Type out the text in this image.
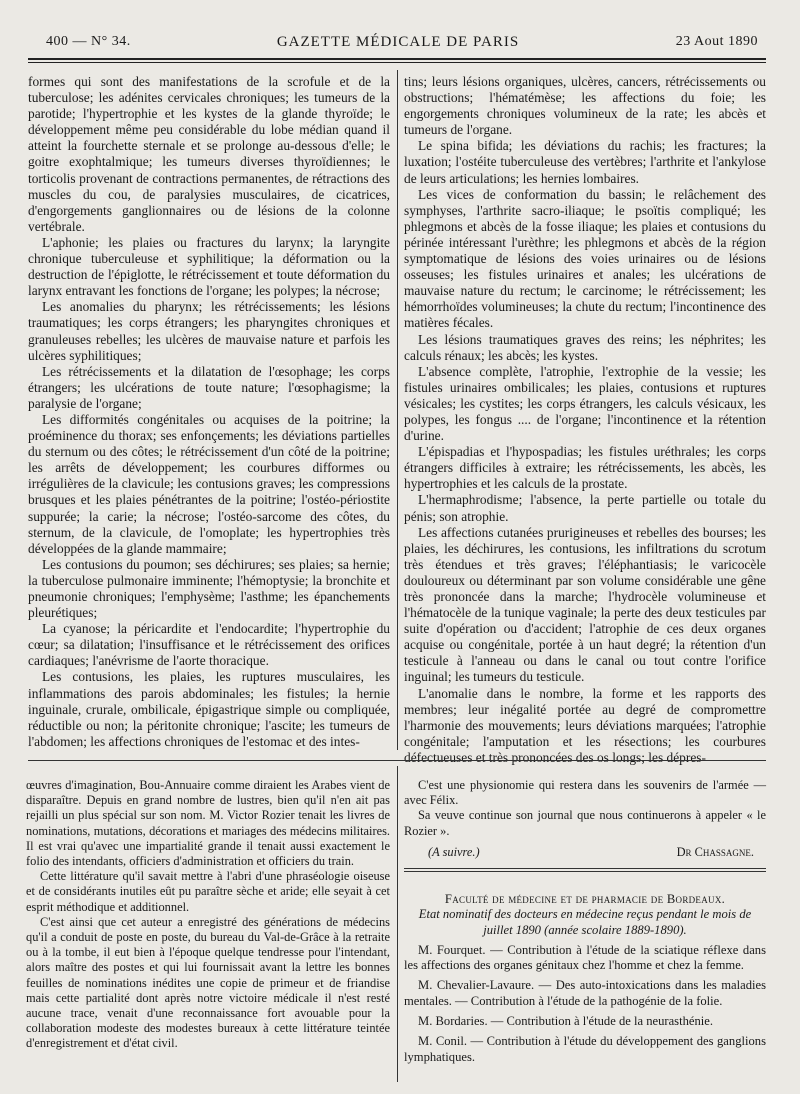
400 — N° 34.	GAZETTE MÉDICALE DE PARIS	23 Aout 1890

formes qui sont des manifestations de la scrofule et de la tuberculose; les adénites cervicales chroniques; les tumeurs de la parotide; l'hypertrophie et les kystes de la glande thyroïde; le développement même peu considérable du lobe médian quand il atteint la fourchette sternale et se prolonge au-dessous d'elle; le goitre exophtalmique; les tumeurs diverses thyroïdiennes; le torticolis provenant de contractions permanentes, de rétractions des muscles du cou, de paralysies musculaires, de cicatrices, d'engorgements ganglionnaires ou de lésions de la colonne vertébrale.

L'aphonie; les plaies ou fractures du larynx; la laryngite chronique tuberculeuse et syphilitique; la déformation ou la destruction de l'épiglotte, le rétrécissement et toute déformation du larynx entravant les fonctions de l'organe; les polypes; la nécrose;

Les anomalies du pharynx; les rétrécissements; les lésions traumatiques; les corps étrangers; les pharyngites chroniques et granuleuses rebelles; les ulcères de mauvaise nature et parfois les ulcères syphilitiques;

Les rétrécissements et la dilatation de l'œsophage; les corps étrangers; les ulcérations de toute nature; l'œsophagisme; la paralysie de l'organe;

Les difformités congénitales ou acquises de la poitrine; la proéminence du thorax; ses enfonçements; les déviations partielles du sternum ou des côtes; le rétrécissement d'un côté de la poitrine; les arrêts de développement; les courbures difformes ou irrégulières de la clavicule; les contusions graves; les compressions brusques et les plaies pénétrantes de la poitrine; l'ostéo-périostite suppurée; la carie; la nécrose; l'ostéo-sarcome des côtes, du sternum, de la clavicule, de l'omoplate; les hypertrophies très développées de la glande mammaire;

Les contusions du poumon; ses déchirures; ses plaies; sa hernie; la tuberculose pulmonaire imminente; l'hémoptysie; la bronchite et pneumonie chroniques; l'emphysème; l'asthme; les épanchements pleurétiques;

La cyanose; la péricardite et l'endocardite; l'hypertrophie du cœur; sa dilatation; l'insuffisance et le rétrécissement des orifices cardiaques; l'anévrisme de l'aorte thoracique.

Les contusions, les plaies, les ruptures musculaires, les inflammations des parois abdominales; les fistules; la hernie inguinale, crurale, ombilicale, épigastrique simple ou compliquée, réductible ou non; la péritonite chronique; l'ascite; les tumeurs de l'abdomen; les affections chroniques de l'estomac et des intes-

tins; leurs lésions organiques, ulcères, cancers, rétrécissements ou obstructions; l'hématémèse; les affections du foie; les engorgements chroniques volumineux de la rate; les abcès et tumeurs de l'organe.

Le spina bifida; les déviations du rachis; les fractures; la luxation; l'ostéite tuberculeuse des vertèbres; l'arthrite et l'ankylose de leurs articulations; les hernies lombaires.

Les vices de conformation du bassin; le relâchement des symphyses, l'arthrite sacro-iliaque; le psoïtis compliqué; les phlegmons et abcès de la fosse iliaque; les plaies et contusions du périnée intéressant l'urèthre; les phlegmons et abcès de la région symptomatique de lésions des voies urinaires ou de lésions osseuses; les fistules urinaires et anales; les ulcérations de mauvaise nature du rectum; le carcinome; le rétrécissement; les hémorrhoïdes volumineuses; la chute du rectum; l'incontinence des matières fécales.

Les lésions traumatiques graves des reins; les néphrites; les calculs rénaux; les abcès; les kystes.

L'absence complète, l'atrophie, l'extrophie de la vessie; les fistules urinaires ombilicales; les plaies, contusions et ruptures vésicales; les cystites; les corps étrangers, les calculs vésicaux, les polypes, les fongus .... de l'organe; l'incontinence et la rétention d'urine.

L'épispadias et l'hypospadias; les fistules uréthrales; les corps étrangers difficiles à extraire; les rétrécissements, les abcès, les hypertrophies et les calculs de la prostate.

L'hermaphrodisme; l'absence, la perte partielle ou totale du pénis; son atrophie.

Les affections cutanées prurigineuses et rebelles des bourses; les plaies, les déchirures, les contusions, les infiltrations du scrotum très étendues et très graves; l'éléphantiasis; le varicocèle douloureux ou déterminant par son volume considérable une gêne très prononcée dans la marche; l'hydrocèle volumineuse et l'hématocèle de la tunique vaginale; la perte des deux testicules par suite d'opération ou d'accident; l'atrophie de ces deux organes acquise ou congénitale, portée à un haut degré; la rétention d'un testicule à l'anneau ou dans le canal ou tout contre l'orifice inguinal; les tumeurs du testicule.

L'anomalie dans le nombre, la forme et les rapports des membres; leur inégalité portée au degré de compromettre l'harmonie des mouvements; leurs déviations marquées; l'atrophie congénitale; l'amputation et les résections; les courbures défectueuses et très prononcées des os longs; les dépres-

œuvres d'imagination, Bou-Annuaire comme diraient les Arabes vient de disparaître. Depuis en grand nombre de lustres, bien qu'il n'en ait pas rejailli un plus spécial sur son nom. M. Victor Rozier tenait les livres de nominations, mutations, décorations et mariages des médecins militaires. Il est vrai qu'avec une impartialité grande il tenait aussi exactement le folio des intendants, officiers d'administration et officiers du train.

Cette littérature qu'il savait mettre à l'abri d'une phraséologie oiseuse et de considérants inutiles eût pu paraître sèche et aride; elle seyait à cet esprit méthodique et additionnel.

C'est ainsi que cet auteur a enregistré des générations de médecins qu'il a conduit de poste en poste, du bureau du Val-de-Grâce à la retraite ou à la tombe, il eut bien à l'époque quelque tendresse pour l'intendant, alors maître des postes et qui lui fournissait avant la lettre les bonnes feuilles de nominations inédites une copie de primeur et de friandise mais cette partialité dont après notre victoire médicale il n'est resté aucune trace, venait d'une reconnaissance fort avouable pour la collaboration modeste des modestes bureaux à cette littérature teintée d'enregistrement et d'état civil.

C'est une physionomie qui restera dans les souvenirs de l'armée — avec Félix.

Sa veuve continue son journal que nous continuerons à appeler « le Rozier ».

(A suivre.)	Dr Chassagne.
Faculté de médecine et de pharmacie de Bordeaux.
Etat nominatif des docteurs en médecine reçus pendant le mois de juillet 1890 (année scolaire 1889-1890).

M. Fourquet. — Contribution à l'étude de la sciatique réflexe dans les affections des organes génitaux chez l'homme et chez la femme.

M. Chevalier-Lavaure. — Des auto-intoxications dans les maladies mentales. — Contribution à l'étude de la pathogénie de la folie.

M. Bordaries. — Contribution à l'étude de la neurasthénie.

M. Conil. — Contribution à l'étude du développement des ganglions lymphatiques.
